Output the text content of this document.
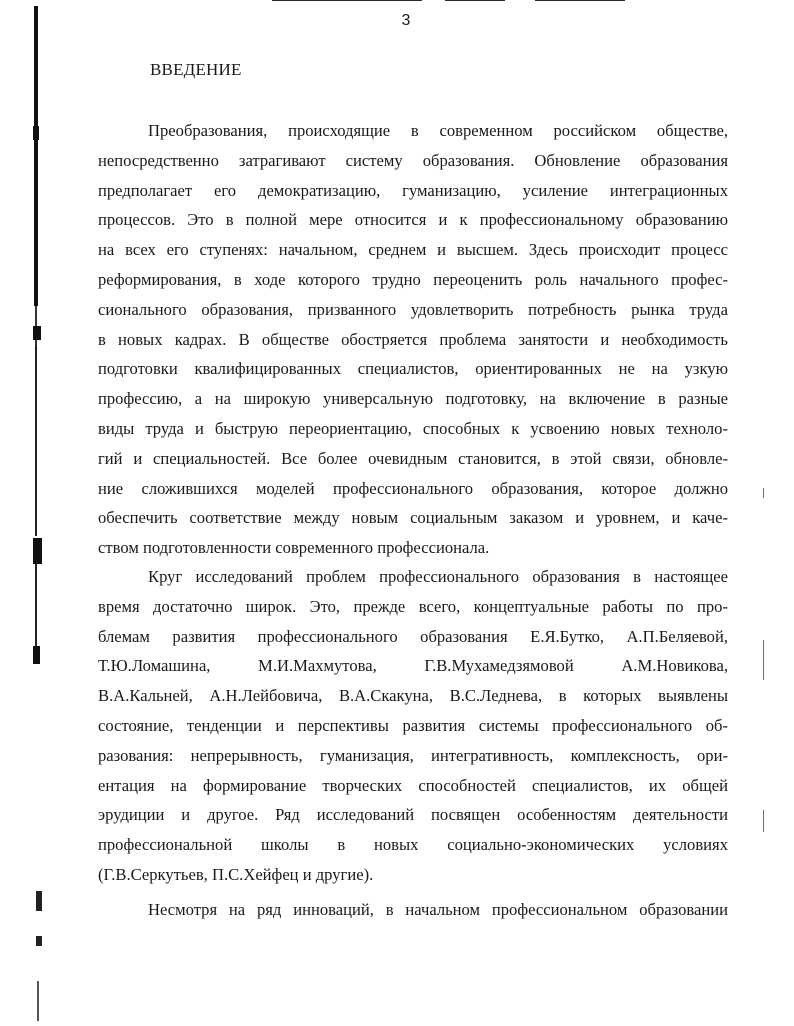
3
ВВЕДЕНИЕ
Преобразования, происходящие в современном российском обществе,
непосредственно затрагивают систему образования. Обновление образования
предполагает его демократизацию, гуманизацию, усиление интеграционных
процессов. Это в полной мере относится и к профессиональному образованию
на всех его ступенях: начальном, среднем и высшем. Здесь происходит процесс
реформирования, в ходе которого трудно переоценить роль начального профес-
сионального образования, призванного удовлетворить потребность рынка труда
в новых кадрах. В обществе обостряется проблема занятости и необходимость
подготовки квалифицированных специалистов, ориентированных не на узкую
профессию, а на широкую универсальную подготовку, на включение в разные
виды труда и быструю переориентацию, способных к усвоению новых техноло-
гий и специальностей. Все более очевидным становится, в этой связи, обновле-
ние сложившихся моделей профессионального образования, которое должно
обеспечить соответствие между новым социальным заказом и уровнем, и каче-
ством подготовленности современного профессионала.
Круг исследований проблем профессионального образования в настоящее
время достаточно широк. Это, прежде всего, концептуальные работы по про-
блемам развития профессионального образования Е.Я.Бутко, А.П.Беляевой,
Т.Ю.Ломашина, М.И.Махмутова, Г.В.Мухамедзямовой А.М.Новикова,
В.А.Кальней, А.Н.Лейбовича, В.А.Скакуна, В.С.Леднева, в которых выявлены
состояние, тенденции и перспективы развития системы профессионального об-
разования: непрерывность, гуманизация, интегративность, комплексность, ори-
ентация на формирование творческих способностей специалистов, их общей
эрудиции и другое. Ряд исследований посвящен особенностям деятельности
профессиональной школы в новых социально-экономических условиях
(Г.В.Серкутьев, П.С.Хейфец и другие).
Несмотря на ряд инноваций, в начальном профессиональном образовании
